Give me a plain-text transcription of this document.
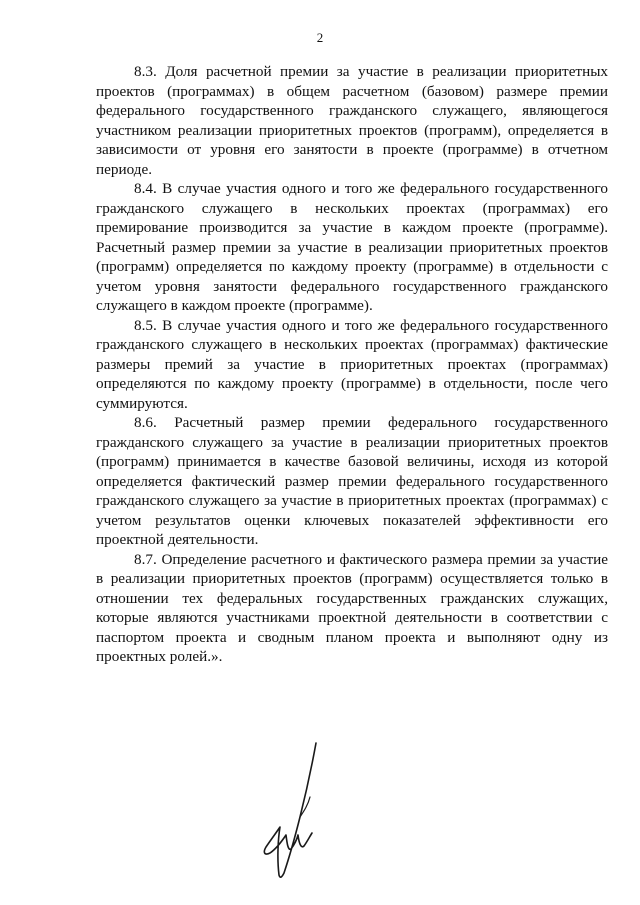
2

8.3. Доля расчетной премии за участие в реализации приоритетных проектов (программах) в общем расчетном (базовом) размере премии федерального государственного гражданского служащего, являющегося участником реализации приоритетных проектов (программ), определяется в зависимости от уровня его занятости в проекте (программе) в отчетном периоде.

8.4. В случае участия одного и того же федерального государственного гражданского служащего в нескольких проектах (программах) его премирование производится за участие в каждом проекте (программе). Расчетный размер премии за участие в реализации приоритетных проектов (программ) определяется по каждому проекту (программе) в отдельности с учетом уровня занятости федерального государственного гражданского служащего в каждом проекте (программе).

8.5. В случае участия одного и того же федерального государственного гражданского служащего в нескольких проектах (программах) фактические размеры премий за участие в приоритетных проектах (программах) определяются по каждому проекту (программе) в отдельности, после чего суммируются.

8.6. Расчетный размер премии федерального государственного гражданского служащего за участие в реализации приоритетных проектов (программ) принимается в качестве базовой величины, исходя из которой определяется фактический размер премии федерального государственного гражданского служащего за участие в приоритетных проектах (программах) с учетом результатов оценки ключевых показателей эффективности его проектной деятельности.

8.7. Определение расчетного и фактического размера премии за участие в реализации приоритетных проектов (программ) осуществляется только в отношении тех федеральных государственных гражданских служащих, которые являются участниками проектной деятельности в соответствии с паспортом проекта и сводным планом проекта и выполняют одну из проектных ролей.».
